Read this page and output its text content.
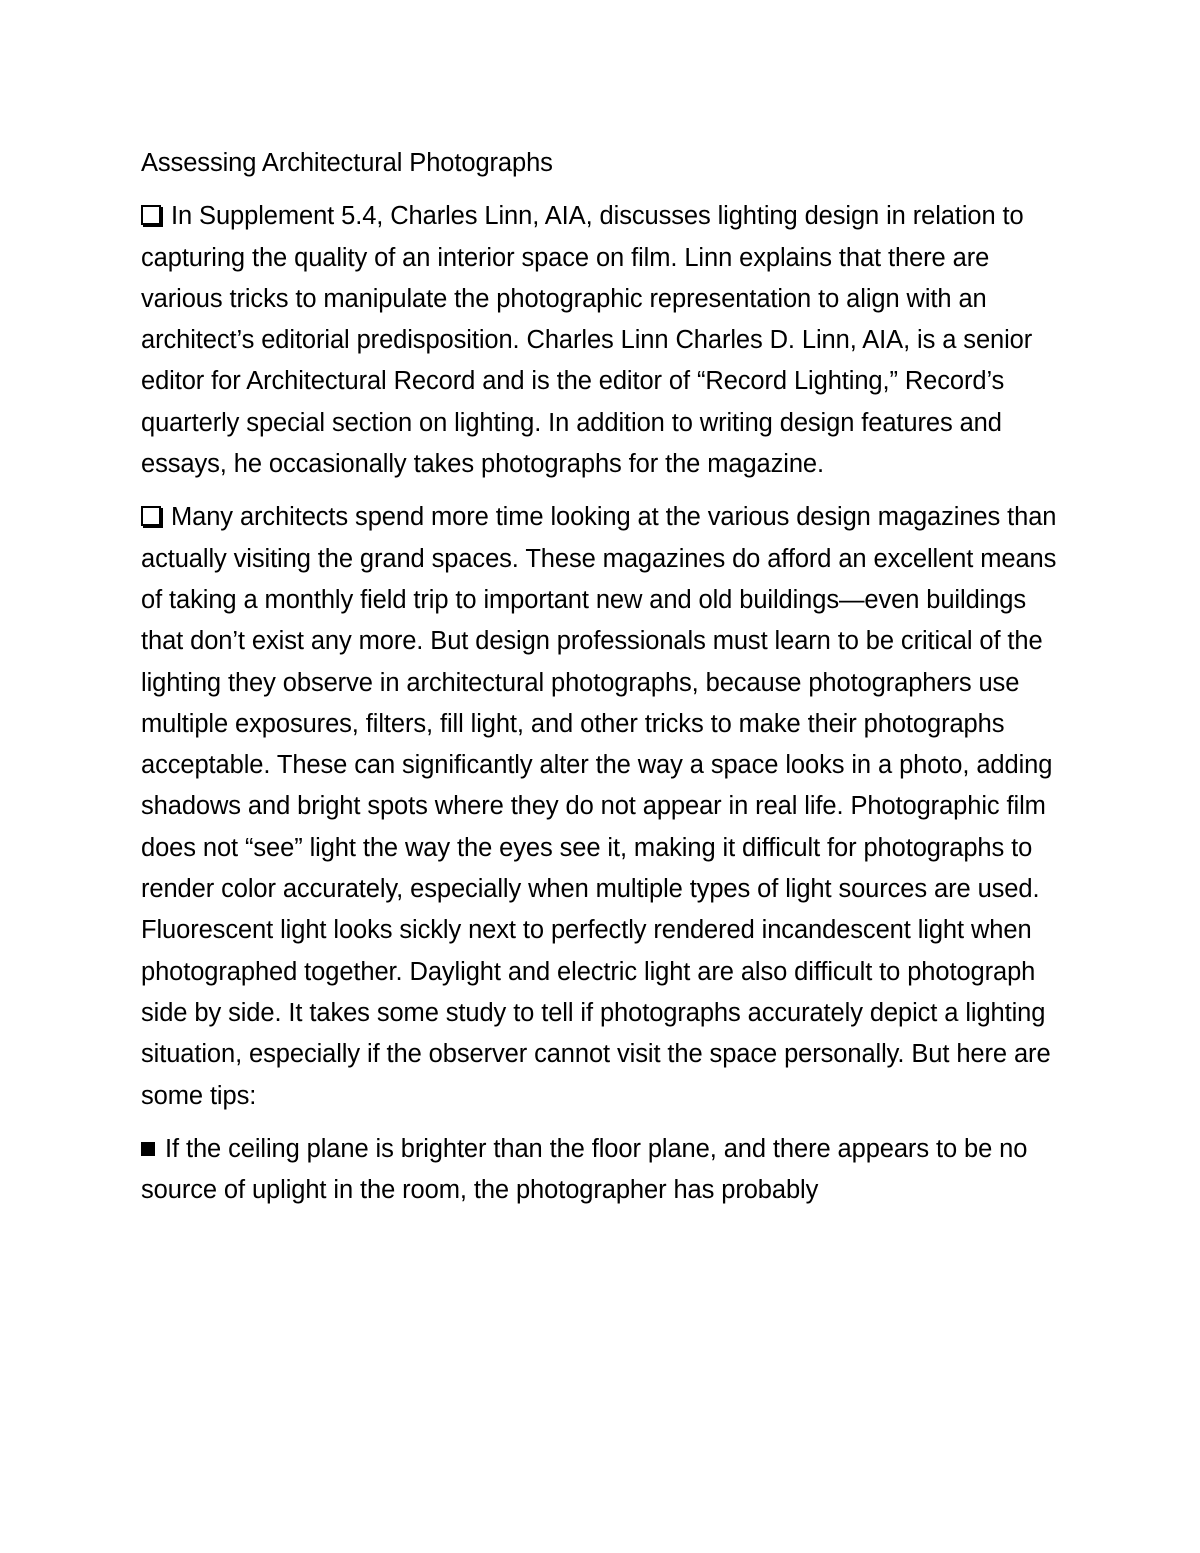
Assessing Architectural Photographs
In Supplement 5.4, Charles Linn, AIA, discusses lighting design in relation to capturing the quality of an interior space on film. Linn explains that there are various tricks to manipulate the photographic representation to align with an architect’s editorial predisposition. Charles Linn Charles D. Linn, AIA, is a senior editor for Architectural Record and is the editor of “Record Lighting,” Record’s quarterly special section on lighting. In addition to writing design features and essays, he occasionally takes photographs for the magazine.
Many architects spend more time looking at the various design magazines than actually visiting the grand spaces. These magazines do afford an excellent means of taking a monthly field trip to important new and old buildings—even buildings that don’t exist any more. But design professionals must learn to be critical of the lighting they observe in architectural photographs, because photographers use multiple exposures, filters, fill light, and other tricks to make their photographs acceptable. These can significantly alter the way a space looks in a photo, adding shadows and bright spots where they do not appear in real life. Photographic film does not “see” light the way the eyes see it, making it difficult for photographs to render color accurately, especially when multiple types of light sources are used. Fluorescent light looks sickly next to perfectly rendered incandescent light when photographed together. Daylight and electric light are also difficult to photograph side by side. It takes some study to tell if photographs accurately depict a lighting situation, especially if the observer cannot visit the space personally. But here are some tips:
If the ceiling plane is brighter than the floor plane, and there appears to be no source of uplight in the room, the photographer has probably
